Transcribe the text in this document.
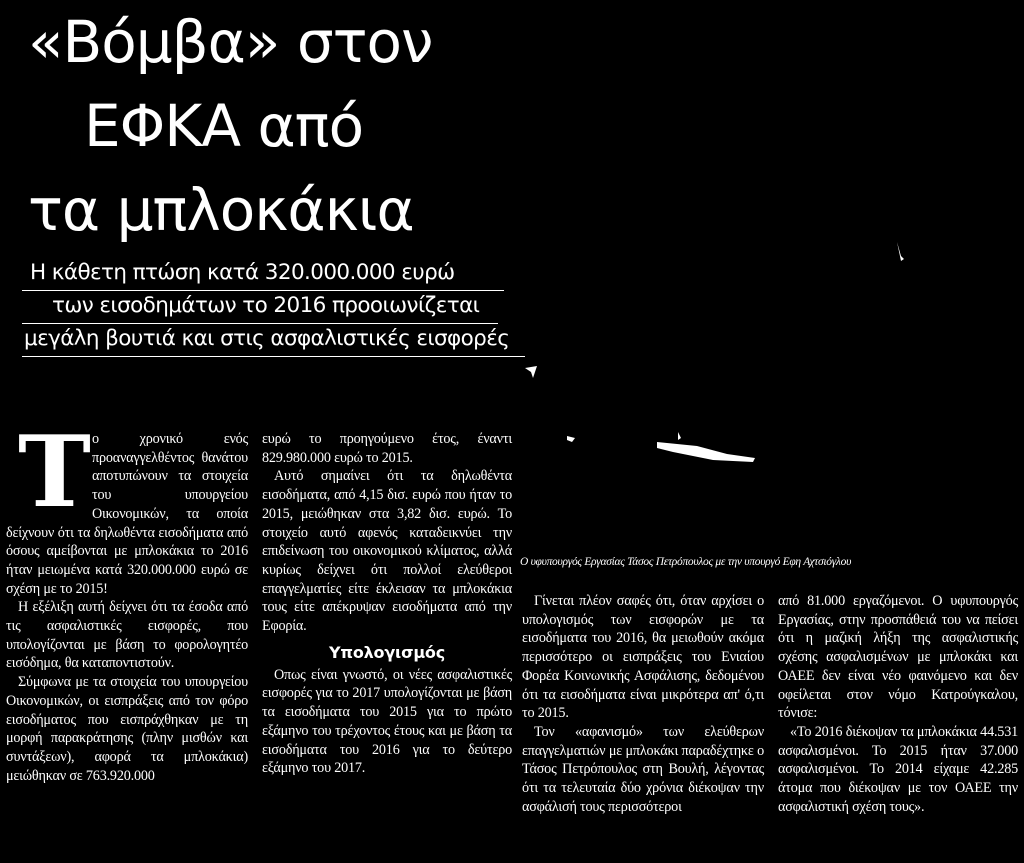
«Βόμβα» στον
ΕΦΚΑ από
τα μπλοκάκια
Η κάθετη πτώση κατά 320.000.000 ευρώ
των εισοδημάτων το 2016 προοιωνίζεται
μεγάλη βουτιά και στις ασφαλιστικές εισφορές

Το χρονικό ενός προαναγγελθέντος θανάτου αποτυπώνουν τα στοιχεία του υπουργείου Οικονομικών, τα οποία δείχνουν ότι τα δηλωθέντα εισοδήματα από όσους αμείβονται με μπλοκάκια το 2016 ήταν μειωμένα κατά 320.000.000 ευρώ σε σχέση με το 2015!

Η εξέλιξη αυτή δείχνει ότι τα έσοδα από τις ασφαλιστικές εισφορές, που υπολογίζονται με βάση το φορολογητέο εισόδημα, θα καταποντιστούν.

Σύμφωνα με τα στοιχεία του υπουργείου Οικονομικών, οι εισπράξεις από τον φόρο εισοδήματος που εισπράχθηκαν με τη μορφή παρακράτησης (πλην μισθών και συντάξεων), αφορά τα μπλοκάκια) μειώθηκαν σε 763.920.000

ευρώ το προηγούμενο έτος, έναντι 829.980.000 ευρώ το 2015.

Αυτό σημαίνει ότι τα δηλωθέντα εισοδήματα, από 4,15 δισ. ευρώ που ήταν το 2015, μειώθηκαν στα 3,82 δισ. ευρώ. Το στοιχείο αυτό αφενός καταδεικνύει την επιδείνωση του οικονομικού κλίματος, αλλά κυρίως δείχνει ότι πολλοί ελεύθεροι επαγγελματίες είτε έκλεισαν τα μπλοκάκια τους είτε απέκρυψαν εισοδήματα από την Εφορία.

Υπολογισμός

Οπως είναι γνωστό, οι νέες ασφαλιστικές εισφορές για το 2017 υπολογίζονται με βάση τα εισοδήματα του 2015 για το πρώτο εξάμηνο του τρέχοντος έτους και με βάση τα εισοδήματα του 2016 για το δεύτερο εξάμηνο του 2017.

Ο υφυπουργός Εργασίας Τάσος Πετρόπουλος με την υπουργό Εφη Αχτσιόγλου

Γίνεται πλέον σαφές ότι, όταν αρχίσει ο υπολογισμός των εισφορών με τα εισοδήματα του 2016, θα μειωθούν ακόμα περισσότερο οι εισπράξεις του Ενιαίου Φορέα Κοινωνικής Ασφάλισης, δεδομένου ότι τα εισοδήματα είναι μικρότερα απ' ό,τι το 2015.

Τον «αφανισμό» των ελεύθερων επαγγελματιών με μπλοκάκι παραδέχτηκε ο Τάσος Πετρόπουλος στη Βουλή, λέγοντας ότι τα τελευταία δύο χρόνια διέκοψαν την ασφάλισή τους περισσότεροι

από 81.000 εργαζόμενοι. Ο υφυπουργός Εργασίας, στην προσπάθειά του να πείσει ότι η μαζική λήξη της ασφαλιστικής σχέσης ασφαλισμένων με μπλοκάκι και ΟΑΕΕ δεν είναι νέο φαινόμενο και δεν οφείλεται στον νόμο Κατρούγκαλου, τόνισε:

«Το 2016 διέκοψαν τα μπλοκάκια 44.531 ασφαλισμένοι. Το 2015 ήταν 37.000 ασφαλισμένοι. Το 2014 είχαμε 42.285 άτομα που διέκοψαν με τον ΟΑΕΕ την ασφαλιστική σχέση τους».
